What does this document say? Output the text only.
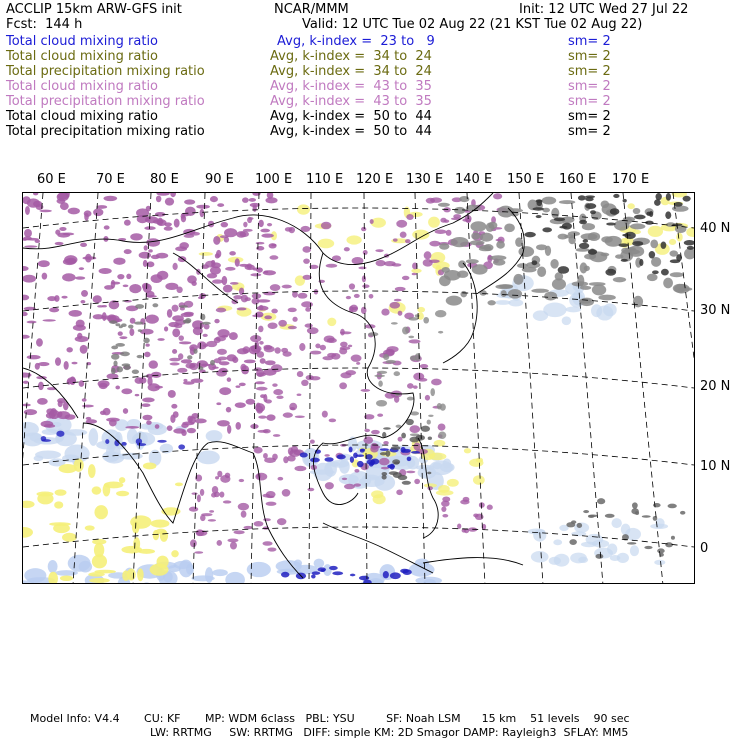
ACCLIP 15km ARW-GFS init	NCAR/MMM	Init: 12 UTC Wed 27 Jul 22
Fcst:  144 h	Valid: 12 UTC Tue 02 Aug 22 (21 KST Tue 02 Aug 22)
Total cloud mixing ratio	Avg, k-index =  23 to   9	sm= 2
Total cloud mixing ratio	Avg, k-index =  34 to  24	sm= 2
Total precipitation mixing ratio	Avg, k-index =  34 to  24	sm= 2
Total cloud mixing ratio	Avg, k-index =  43 to  35	sm= 2
Total precipitation mixing ratio	Avg, k-index =  43 to  35	sm= 2
Total cloud mixing ratio	Avg, k-index =  50 to  44	sm= 2
Total precipitation mixing ratio	Avg, k-index =  50 to  44	sm= 2
60 E 70 E 80 E 90 E 100 E 110 E 120 E 130 E 140 E 150 E 160 E 170 E
40 N
30 N
20 N
10 N
0
Model Info: V4.4       CU: KF       MP: WDM 6class   PBL: YSU         SF: Noah LSM      15 km    51 levels    90 sec
LW: RRTMG     SW: RRTMG   DIFF: simple KM: 2D Smagor DAMP: Rayleigh3  SFLAY: MM5
